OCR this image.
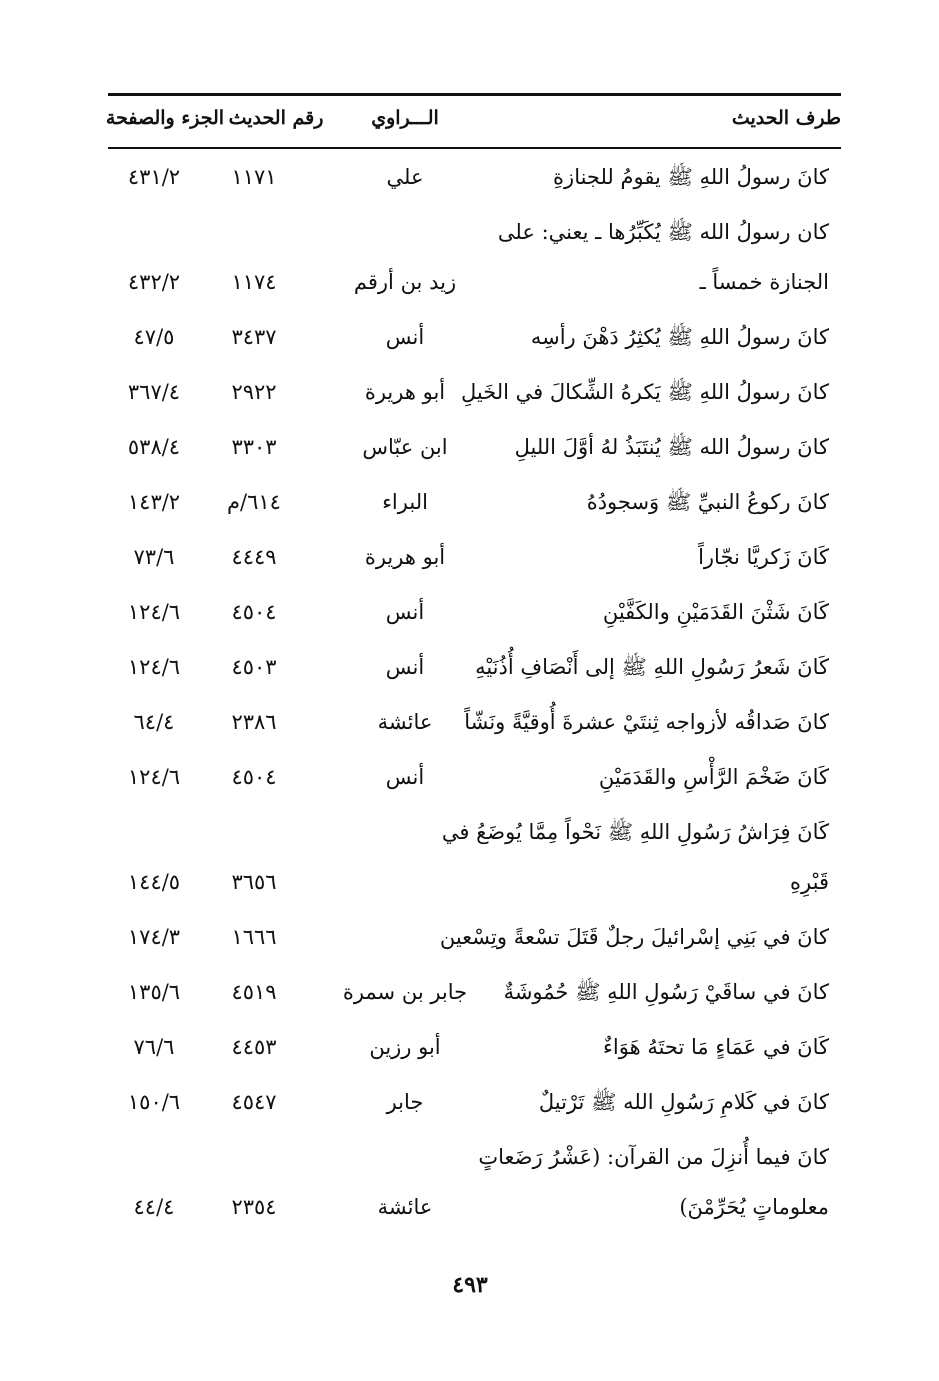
طرف الحديث
الـــراوي
رقم الحديث
الجزء والصفحة
كانَ رسولُ اللهِ ﷺ يقومُ للجنازةِ
علي
١١٧١
٤٣١/٢
كان رسولُ الله ﷺ يُكَبِّرُها ـ يعني: على
الجنازة خمساً ـ
زيد بن أرقم
١١٧٤
٤٣٢/٢
كانَ رسولُ اللهِ ﷺ يُكثِرُ دَهْنَ رأسِه
أنس
٣٤٣٧
٤٧/٥
كانَ رسولُ اللهِ ﷺ يَكرهُ الشِّكالَ في الخَيلِ
أبو هريرة
٢٩٢٢
٣٦٧/٤
كانَ رسولُ الله ﷺ يُنتَبَذُ لهُ أوَّلَ الليلِ
ابن عبّاس
٣٣٠٣
٥٣٨/٤
كانَ ركوعُ النبيِّ ﷺ وَسجودُهُ
البراء
٦١٤/م
١٤٣/٢
كَانَ زَكريَّا نجّاراً
أبو هريرة
٤٤٤٩
٧٣/٦
كَانَ شَثْنَ القَدَمَيْنِ والكَفَّيْنِ
أنس
٤٥٠٤
١٢٤/٦
كَانَ شَعرُ رَسُولِ اللهِ ﷺ إلى أَنْصَافِ أُذُنَيْهِ
أنس
٤٥٠٣
١٢٤/٦
كانَ صَداقُه لأزواجه ثِنتَيْ عشرةَ أُوقيَّةً ونَشّاً
عائشة
٢٣٨٦
٦٤/٤
كَانَ ضَخْمَ الرَّأْسِ والقَدَمَيْنِ
أنس
٤٥٠٤
١٢٤/٦
كَانَ فِرَاشُ رَسُولِ اللهِ ﷺ نَحْواً مِمَّا يُوضَعُ في
قَبْرِهِ
٣٦٥٦
١٤٤/٥
كانَ في بَنِي إسْرائيلَ رجلٌ قَتَلَ تسْعةً وتِسْعين
١٦٦٦
١٧٤/٣
كانَ في ساقَيْ رَسُولِ اللهِ ﷺ حُمُوشَةٌ
جابر بن سمرة
٤٥١٩
١٣٥/٦
كَانَ في عَمَاءٍ مَا تحتَهُ هَوَاءٌ
أبو رزين
٤٤٥٣
٧٦/٦
كانَ في كَلامِ رَسُولِ الله ﷺ تَرْتيلٌ
جابر
٤٥٤٧
١٥٠/٦
كانَ فيما أُنزِلَ من القرآن: (عَشْرُ رَضَعاتٍ
معلوماتٍ يُحَرِّمْنَ)
عائشة
٢٣٥٤
٤٤/٤
٤٩٣
